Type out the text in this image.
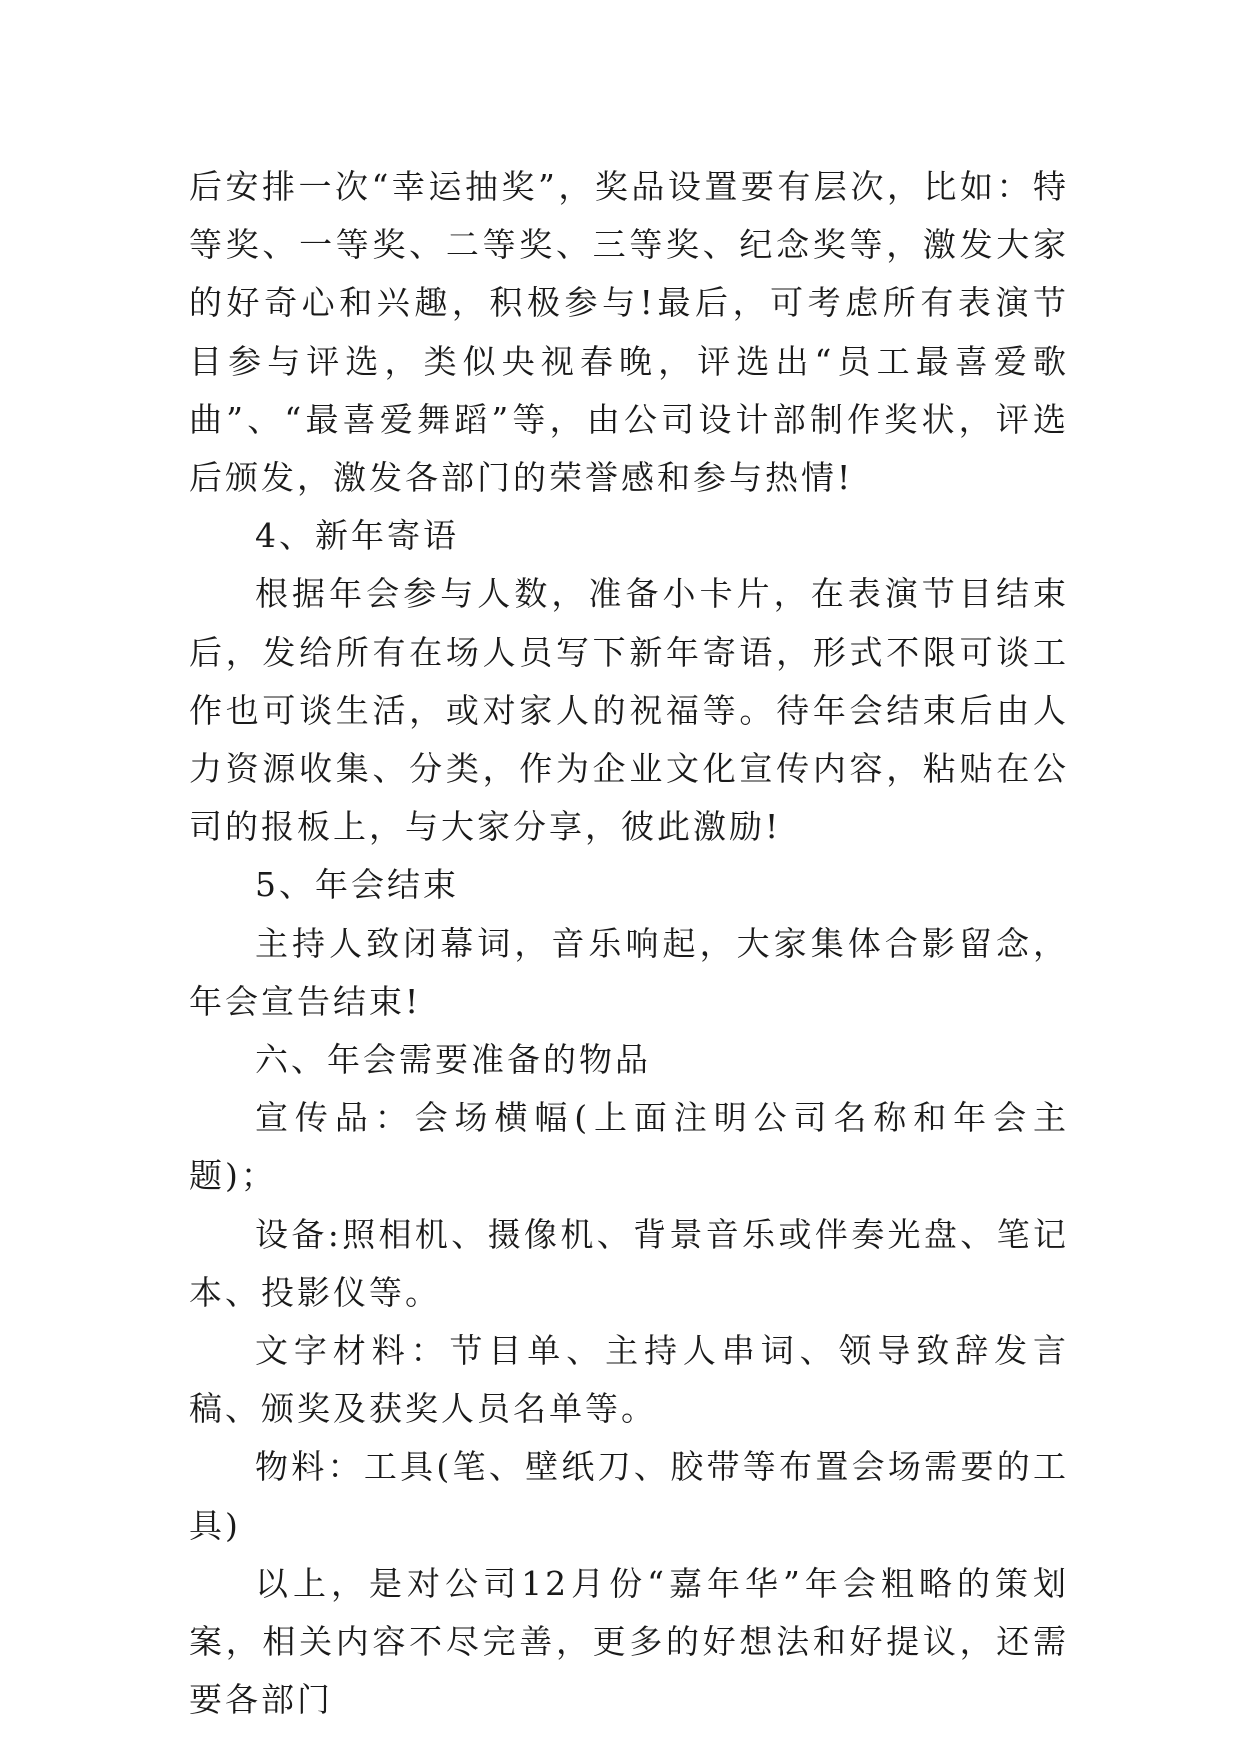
后安排一次“幸运抽奖”，奖品设置要有层次，比如：特等奖、一等奖、二等奖、三等奖、纪念奖等，激发大家的好奇心和兴趣，积极参与!最后，可考虑所有表演节目参与评选，类似央视春晚，评选出“员工最喜爱歌曲”、“最喜爱舞蹈”等，由公司设计部制作奖状，评选后颁发，激发各部门的荣誉感和参与热情!

4、新年寄语

根据年会参与人数，准备小卡片，在表演节目结束后，发给所有在场人员写下新年寄语，形式不限可谈工作也可谈生活，或对家人的祝福等。待年会结束后由人力资源收集、分类，作为企业文化宣传内容，粘贴在公司的报板上，与大家分享，彼此激励!

5、年会结束

主持人致闭幕词，音乐响起，大家集体合影留念，年会宣告结束!

六、年会需要准备的物品

宣传品：会场横幅(上面注明公司名称和年会主题)；

设备:照相机、摄像机、背景音乐或伴奏光盘、笔记本、投影仪等。

文字材料：节目单、主持人串词、领导致辞发言稿、颁奖及获奖人员名单等。

物料：工具(笔、壁纸刀、胶带等布置会场需要的工具)

以上，是对公司12月份“嘉年华”年会粗略的策划案，相关内容不尽完善，更多的好想法和好提议，还需要各部门
